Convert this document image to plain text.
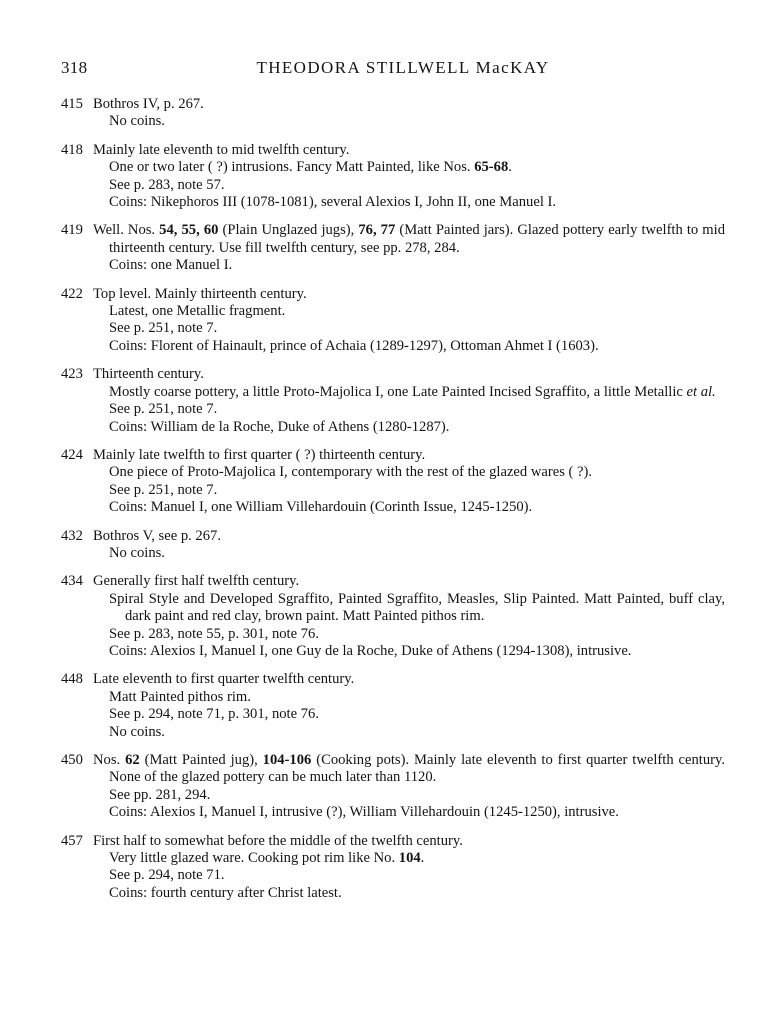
318	THEODORA STILLWELL MacKAY
415 Bothros IV, p. 267.
No coins.
418 Mainly late eleventh to mid twelfth century.
One or two later ( ?) intrusions. Fancy Matt Painted, like Nos. 65-68.
See p. 283, note 57.
Coins: Nikephoros III (1078-1081), several Alexios I, John II, one Manuel I.
419 Well. Nos. 54, 55, 60 (Plain Unglazed jugs), 76, 77 (Matt Painted jars). Glazed pottery early twelfth to mid thirteenth century. Use fill twelfth century, see pp. 278, 284.
Coins: one Manuel I.
422 Top level. Mainly thirteenth century.
Latest, one Metallic fragment.
See p. 251, note 7.
Coins: Florent of Hainault, prince of Achaia (1289-1297), Ottoman Ahmet I (1603).
423 Thirteenth century.
Mostly coarse pottery, a little Proto-Majolica I, one Late Painted Incised Sgraffito, a little Metallic et al.
See p. 251, note 7.
Coins: William de la Roche, Duke of Athens (1280-1287).
424 Mainly late twelfth to first quarter ( ?) thirteenth century.
One piece of Proto-Majolica I, contemporary with the rest of the glazed wares ( ?).
See p. 251, note 7.
Coins: Manuel I, one William Villehardouin (Corinth Issue, 1245-1250).
432 Bothros V, see p. 267.
No coins.
434 Generally first half twelfth century.
Spiral Style and Developed Sgraffito, Painted Sgraffito, Measles, Slip Painted. Matt Painted, buff clay, dark paint and red clay, brown paint. Matt Painted pithos rim.
See p. 283, note 55, p. 301, note 76.
Coins: Alexios I, Manuel I, one Guy de la Roche, Duke of Athens (1294-1308), intrusive.
448 Late eleventh to first quarter twelfth century.
Matt Painted pithos rim.
See p. 294, note 71, p. 301, note 76.
No coins.
450 Nos. 62 (Matt Painted jug), 104-106 (Cooking pots). Mainly late eleventh to first quarter twelfth century. None of the glazed pottery can be much later than 1120.
See pp. 281, 294.
Coins: Alexios I, Manuel I, intrusive (?), William Villehardouin (1245-1250), intrusive.
457 First half to somewhat before the middle of the twelfth century.
Very little glazed ware. Cooking pot rim like No. 104.
See p. 294, note 71.
Coins: fourth century after Christ latest.
